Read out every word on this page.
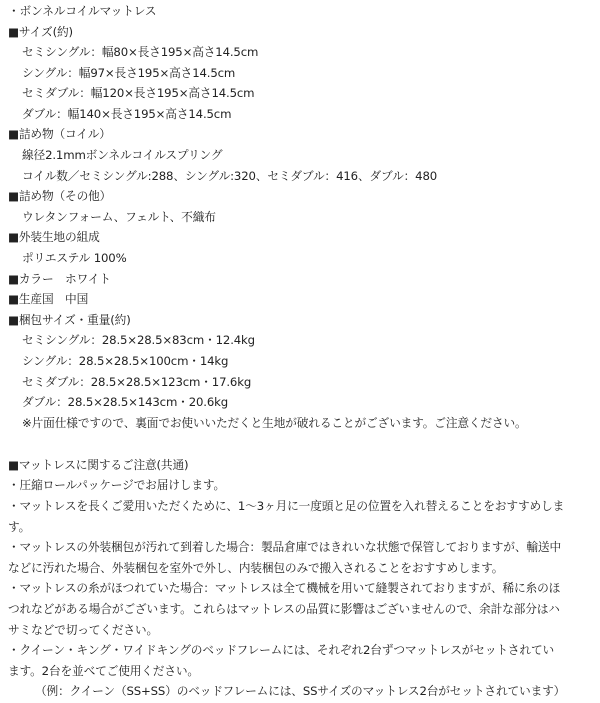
・ボンネルコイルマットレス
■サイズ(約)
セミシングル：幅80×長さ195×高さ14.5cm
シングル：幅97×長さ195×高さ14.5cm
セミダブル：幅120×長さ195×高さ14.5cm
ダブル：幅140×長さ195×高さ14.5cm
■詰め物（コイル）
線径2.1mmボンネルコイルスプリング
コイル数／セミシングル:288、シングル:320、セミダブル：416、ダブル：480
■詰め物（その他）
ウレタンフォーム、フェルト、不織布
■外装生地の組成
ポリエステル 100%
■カラー　ホワイト
■生産国　中国
■梱包サイズ・重量(約)
セミシングル：28.5×28.5×83cm・12.4kg
シングル：28.5×28.5×100cm・14kg
セミダブル：28.5×28.5×123cm・17.6kg
ダブル：28.5×28.5×143cm・20.6kg
※片面仕様ですので、裏面でお使いいただくと生地が破れることがございます。ご注意ください。
■マットレスに関するご注意(共通)
・圧縮ロールパッケージでお届けします。
・マットレスを長くご愛用いただくために、1～3ヶ月に一度頭と足の位置を入れ替えることをおすすめしま
す。
・マットレスの外装梱包が汚れて到着した場合：製品倉庫ではきれいな状態で保管しておりますが、輸送中
などに汚れた場合、外装梱包を室外で外し、内装梱包のみで搬入されることをおすすめします。
・マットレスの糸がほつれていた場合：マットレスは全て機械を用いて縫製されておりますが、稀に糸のほ
つれなどがある場合がございます。これらはマットレスの品質に影響はございませんので、余計な部分はハ
サミなどで切ってください。
・クイーン・キング・ワイドキングのベッドフレームには、それぞれ2台ずつマットレスがセットされてい
ます。2台を並べてご使用ください。
（例：クイーン（SS+SS）のベッドフレームには、SSサイズのマットレス2台がセットされています）
